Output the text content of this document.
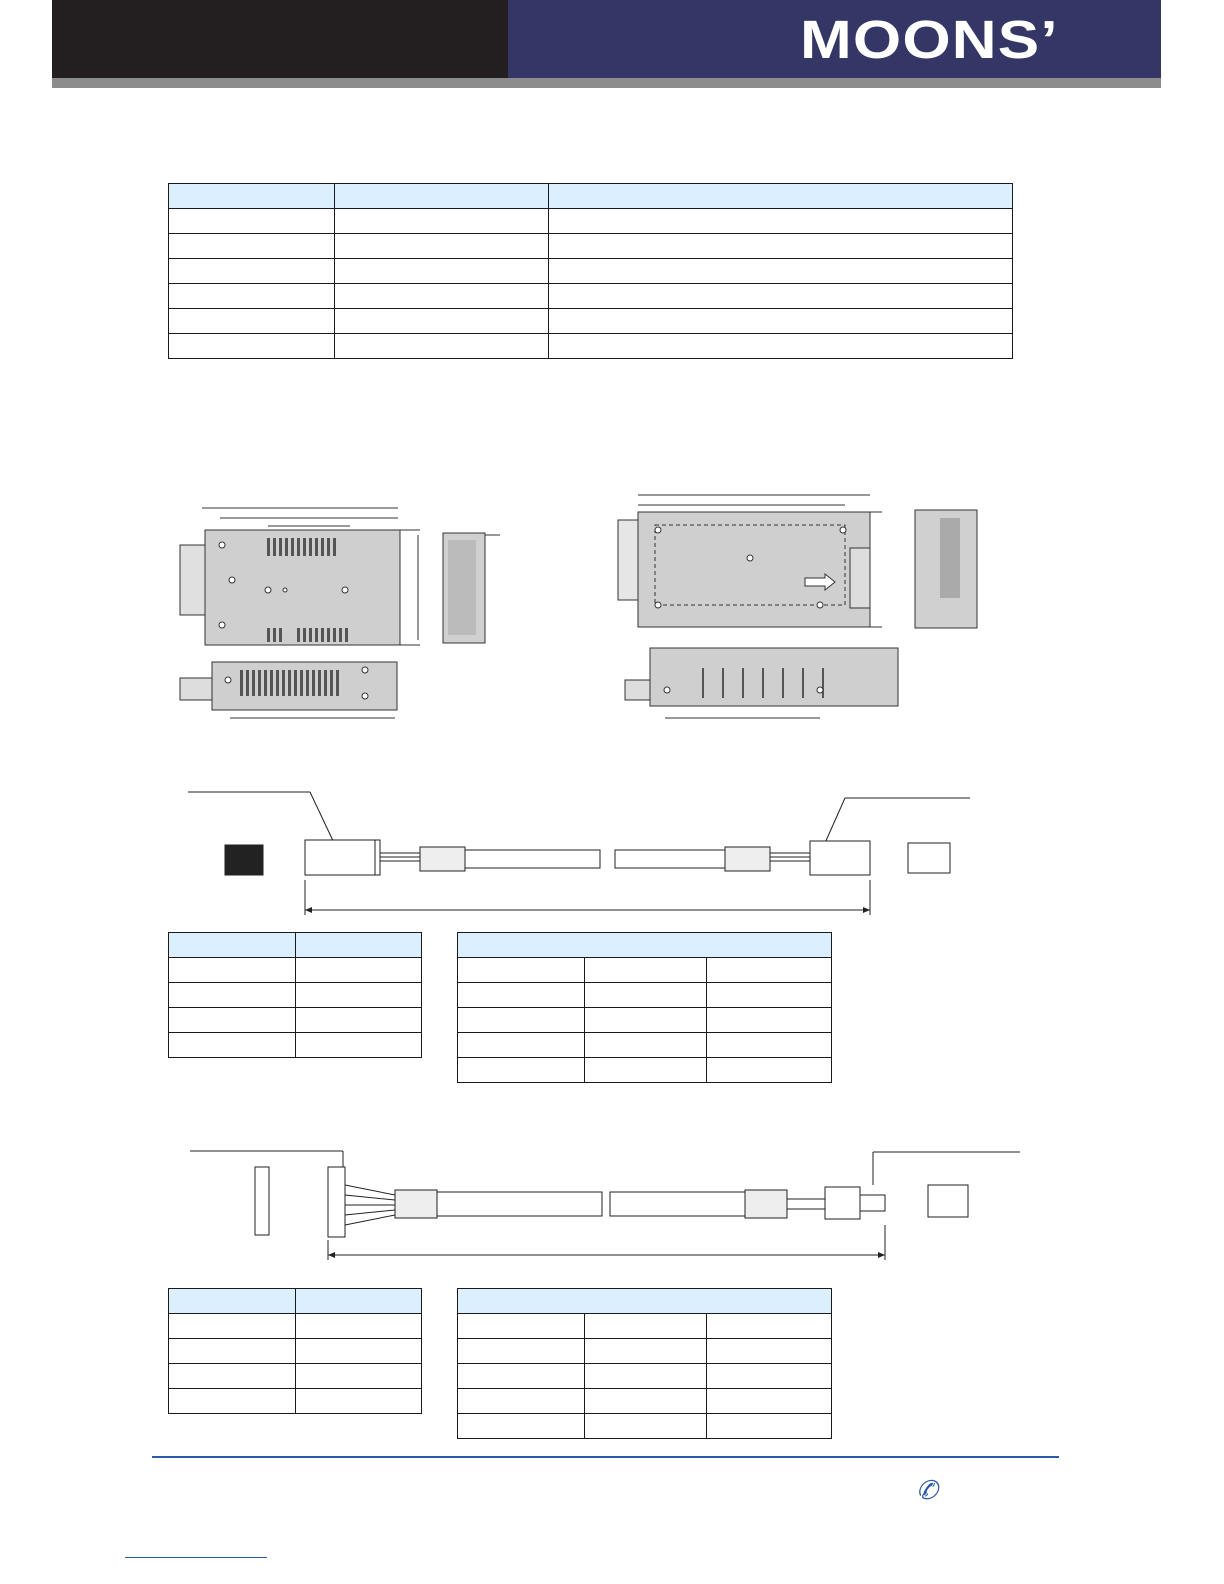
MOONS’

✆
